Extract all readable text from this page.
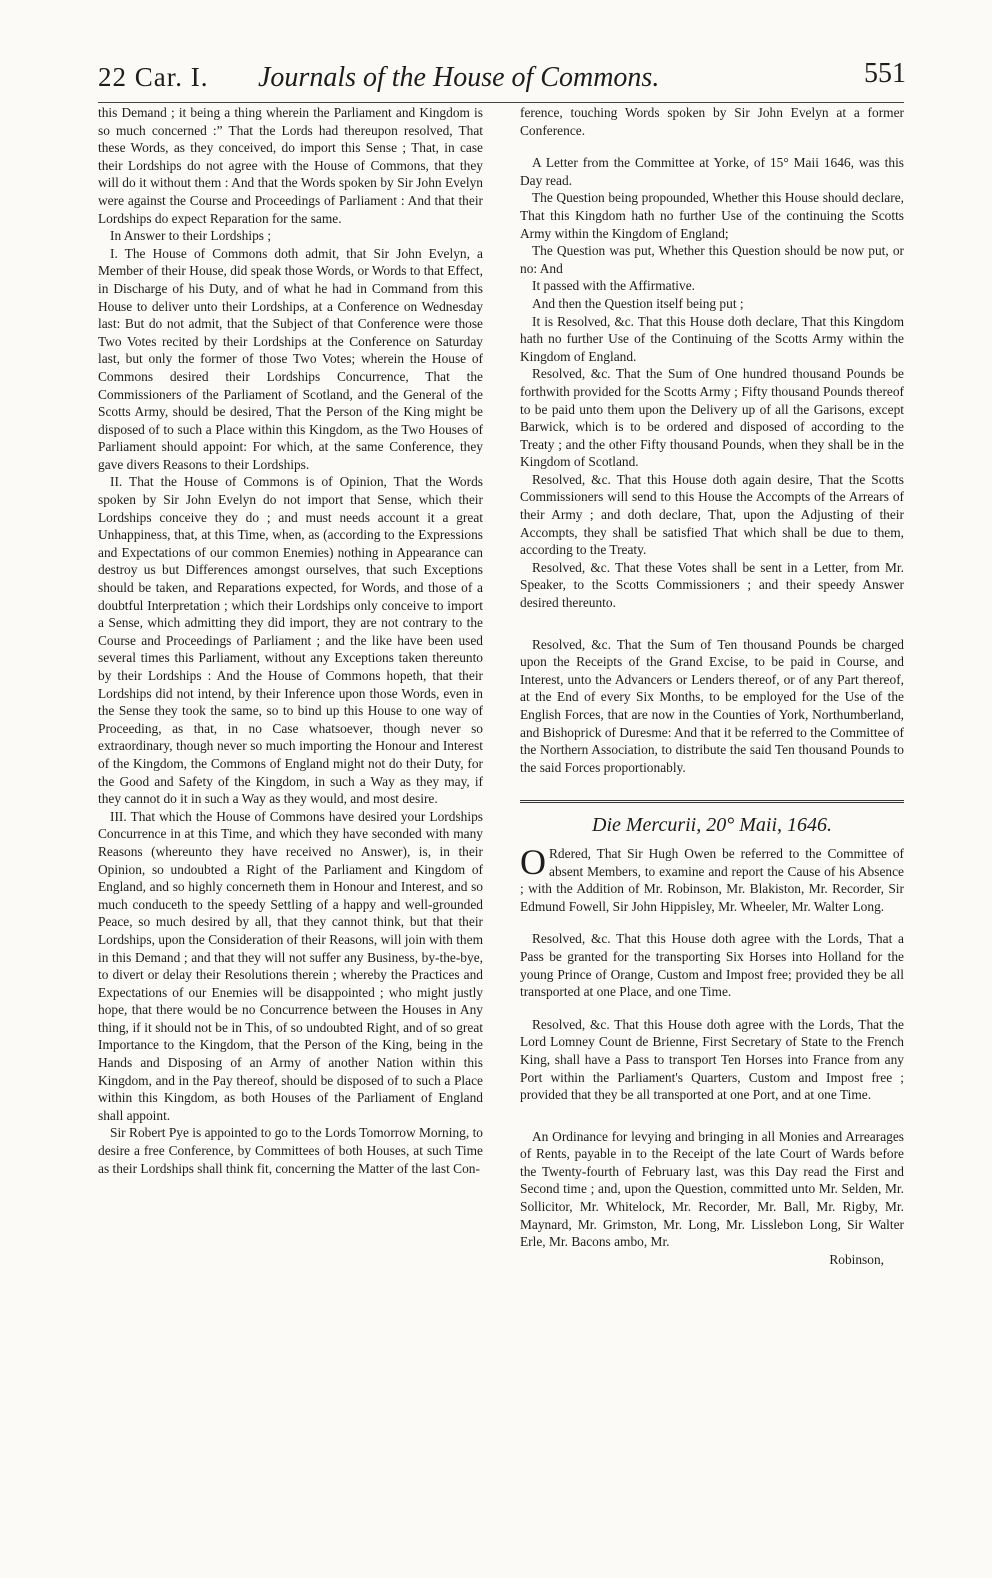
22 Car. I. Journals of the House of Commons.	551

this Demand ; it being a thing wherein the Parliament and Kingdom is so much concerned :” That the Lords had thereupon resolved, That these Words, as they conceived, do import this Sense ; That, in case their Lordships do not agree with the House of Commons, that they will do it without them : And that the Words spoken by Sir John Evelyn were against the Course and Proceedings of Parliament : And that their Lordships do expect Reparation for the same.

In Answer to their Lordships ;

I. The House of Commons doth admit, that Sir John Evelyn, a Member of their House, did speak those Words, or Words to that Effect, in Discharge of his Duty, and of what he had in Command from this House to deliver unto their Lordships, at a Conference on Wednesday last: But do not admit, that the Subject of that Conference were those Two Votes recited by their Lordships at the Conference on Saturday last, but only the former of those Two Votes; wherein the House of Commons desired their Lordships Concurrence, That the Commissioners of the Parliament of Scotland, and the General of the Scotts Army, should be desired, That the Person of the King might be disposed of to such a Place within this Kingdom, as the Two Houses of Parliament should appoint: For which, at the same Conference, they gave divers Reasons to their Lordships.

II. That the House of Commons is of Opinion, That the Words spoken by Sir John Evelyn do not import that Sense, which their Lordships conceive they do ; and must needs account it a great Unhappiness, that, at this Time, when, as (according to the Expressions and Expectations of our common Enemies) nothing in Appearance can destroy us but Differences amongst ourselves, that such Exceptions should be taken, and Reparations expected, for Words, and those of a doubtful Interpretation ; which their Lordships only conceive to import a Sense, which admitting they did import, they are not contrary to the Course and Proceedings of Parliament ; and the like have been used several times this Parliament, without any Exceptions taken thereunto by their Lordships : And the House of Commons hopeth, that their Lordships did not intend, by their Inference upon those Words, even in the Sense they took the same, so to bind up this House to one way of Proceeding, as that, in no Case whatsoever, though never so extraordinary, though never so much importing the Honour and Interest of the Kingdom, the Commons of England might not do their Duty, for the Good and Safety of the Kingdom, in such a Way as they may, if they cannot do it in such a Way as they would, and most desire.

III. That which the House of Commons have desired your Lordships Concurrence in at this Time, and which they have seconded with many Reasons (whereunto they have received no Answer), is, in their Opinion, so undoubted a Right of the Parliament and Kingdom of England, and so highly concerneth them in Honour and Interest, and so much conduceth to the speedy Settling of a happy and well-grounded Peace, so much desired by all, that they cannot think, but that their Lordships, upon the Consideration of their Reasons, will join with them in this Demand ; and that they will not suffer any Business, by-the-bye, to divert or delay their Resolutions therein ; whereby the Practices and Expectations of our Enemies will be disappointed ; who might justly hope, that there would be no Concurrence between the Houses in Any thing, if it should not be in This, of so undoubted Right, and of so great Importance to the Kingdom, that the Person of the King, being in the Hands and Disposing of an Army of another Nation within this Kingdom, and in the Pay thereof, should be disposed of to such a Place within this Kingdom, as both Houses of the Parliament of England shall appoint.

Sir Robert Pye is appointed to go to the Lords Tomorrow Morning, to desire a free Conference, by Committees of both Houses, at such Time as their Lordships shall think fit, concerning the Matter of the last Con-

ference, touching Words spoken by Sir John Evelyn at a former Conference.

A Letter from the Committee at Yorke, of 15° Maii 1646, was this Day read.

The Question being propounded, Whether this House should declare, That this Kingdom hath no further Use of the continuing the Scotts Army within the Kingdom of England;

The Question was put, Whether this Question should be now put, or no: And

It passed with the Affirmative.

And then the Question itself being put ;

It is Resolved, &c. That this House doth declare, That this Kingdom hath no further Use of the Continuing of the Scotts Army within the Kingdom of England.

Resolved, &c. That the Sum of One hundred thousand Pounds be forthwith provided for the Scotts Army ; Fifty thousand Pounds thereof to be paid unto them upon the Delivery up of all the Garisons, except Barwick, which is to be ordered and disposed of according to the Treaty ; and the other Fifty thousand Pounds, when they shall be in the Kingdom of Scotland.

Resolved, &c. That this House doth again desire, That the Scotts Commissioners will send to this House the Accompts of the Arrears of their Army ; and doth declare, That, upon the Adjusting of their Accompts, they shall be satisfied That which shall be due to them, according to the Treaty.

Resolved, &c. That these Votes shall be sent in a Letter, from Mr. Speaker, to the Scotts Commissioners ; and their speedy Answer desired thereunto.

Resolved, &c. That the Sum of Ten thousand Pounds be charged upon the Receipts of the Grand Excise, to be paid in Course, and Interest, unto the Advancers or Lenders thereof, or of any Part thereof, at the End of every Six Months, to be employed for the Use of the English Forces, that are now in the Counties of York, Northumberland, and Bishoprick of Duresme: And that it be referred to the Committee of the Northern Association, to distribute the said Ten thousand Pounds to the said Forces proportionably.

Die Mercurii, 20° Maii, 1646.

O Rdered, That Sir Hugh Owen be referred to the Committee of absent Members, to examine and report the Cause of his Absence ; with the Addition of Mr. Robinson, Mr. Blakiston, Mr. Recorder, Sir Edmund Fowell, Sir John Hippisley, Mr. Wheeler, Mr. Walter Long.

Resolved, &c. That this House doth agree with the Lords, That a Pass be granted for the transporting Six Horses into Holland for the young Prince of Orange, Custom and Impost free; provided they be all transported at one Place, and one Time.

Resolved, &c. That this House doth agree with the Lords, That the Lord Lomney Count de Brienne, First Secretary of State to the French King, shall have a Pass to transport Ten Horses into France from any Port within the Parliament's Quarters, Custom and Impost free ; provided that they be all transported at one Port, and at one Time.

An Ordinance for levying and bringing in all Monies and Arrearages of Rents, payable in to the Receipt of the late Court of Wards before the Twenty-fourth of February last, was this Day read the First and Second time ; and, upon the Question, committed unto Mr. Selden, Mr. Sollicitor, Mr. Whitelock, Mr. Recorder, Mr. Ball, Mr. Rigby, Mr. Maynard, Mr. Grimston, Mr. Long, Mr. Lisslebon Long, Sir Walter Erle, Mr. Bacons ambo, Mr.

Robinson,
